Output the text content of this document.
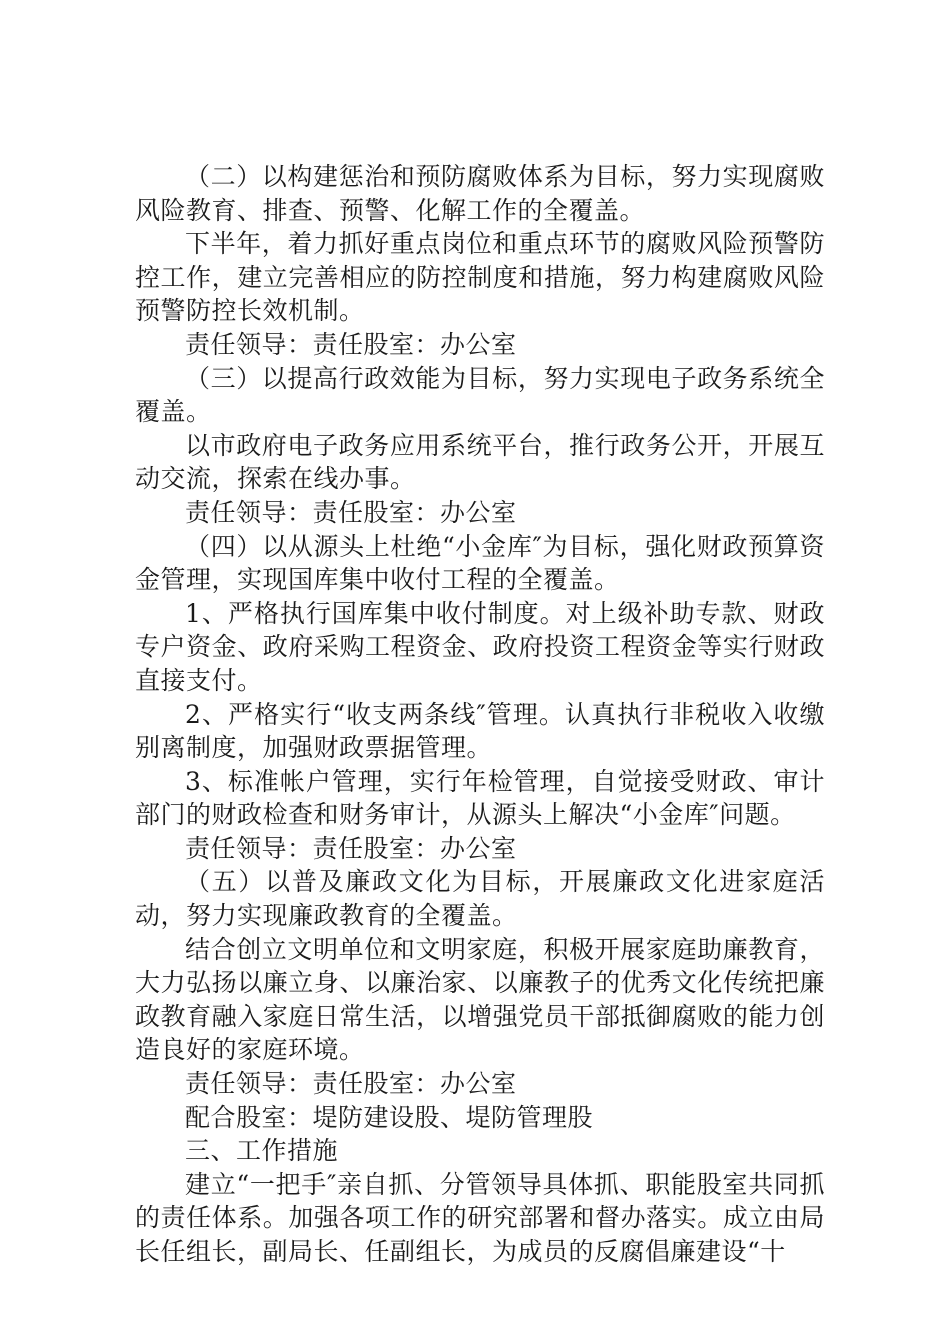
（二）以构建惩治和预防腐败体系为目标，努力实现腐败风险教育、排查、预警、化解工作的全覆盖。

下半年，着力抓好重点岗位和重点环节的腐败风险预警防控工作，建立完善相应的防控制度和措施，努力构建腐败风险预警防控长效机制。

责任领导：责任股室：办公室

（三）以提高行政效能为目标，努力实现电子政务系统全覆盖。

以市政府电子政务应用系统平台，推行政务公开，开展互动交流，探索在线办事。

责任领导：责任股室：办公室

（四）以从源头上杜绝“小金库″为目标，强化财政预算资金管理，实现国库集中收付工程的全覆盖。

1、严格执行国库集中收付制度。对上级补助专款、财政专户资金、政府采购工程资金、政府投资工程资金等实行财政直接支付。

2、严格实行“收支两条线″管理。认真执行非税收入收缴别离制度，加强财政票据管理。

3、标准帐户管理，实行年检管理，自觉接受财政、审计部门的财政检查和财务审计，从源头上解决“小金库″问题。

责任领导：责任股室：办公室

（五）以普及廉政文化为目标，开展廉政文化进家庭活动，努力实现廉政教育的全覆盖。

结合创立文明单位和文明家庭，积极开展家庭助廉教育，大力弘扬以廉立身、以廉治家、以廉教子的优秀文化传统把廉政教育融入家庭日常生活，以增强党员干部抵御腐败的能力创造良好的家庭环境。

责任领导：责任股室：办公室

配合股室：堤防建设股、堤防管理股

三、工作措施

建立“一把手″亲自抓、分管领导具体抓、职能股室共同抓的责任体系。加强各项工作的研究部署和督办落实。成立由局长任组长，副局长、任副组长，为成员的反腐倡廉建设“十
